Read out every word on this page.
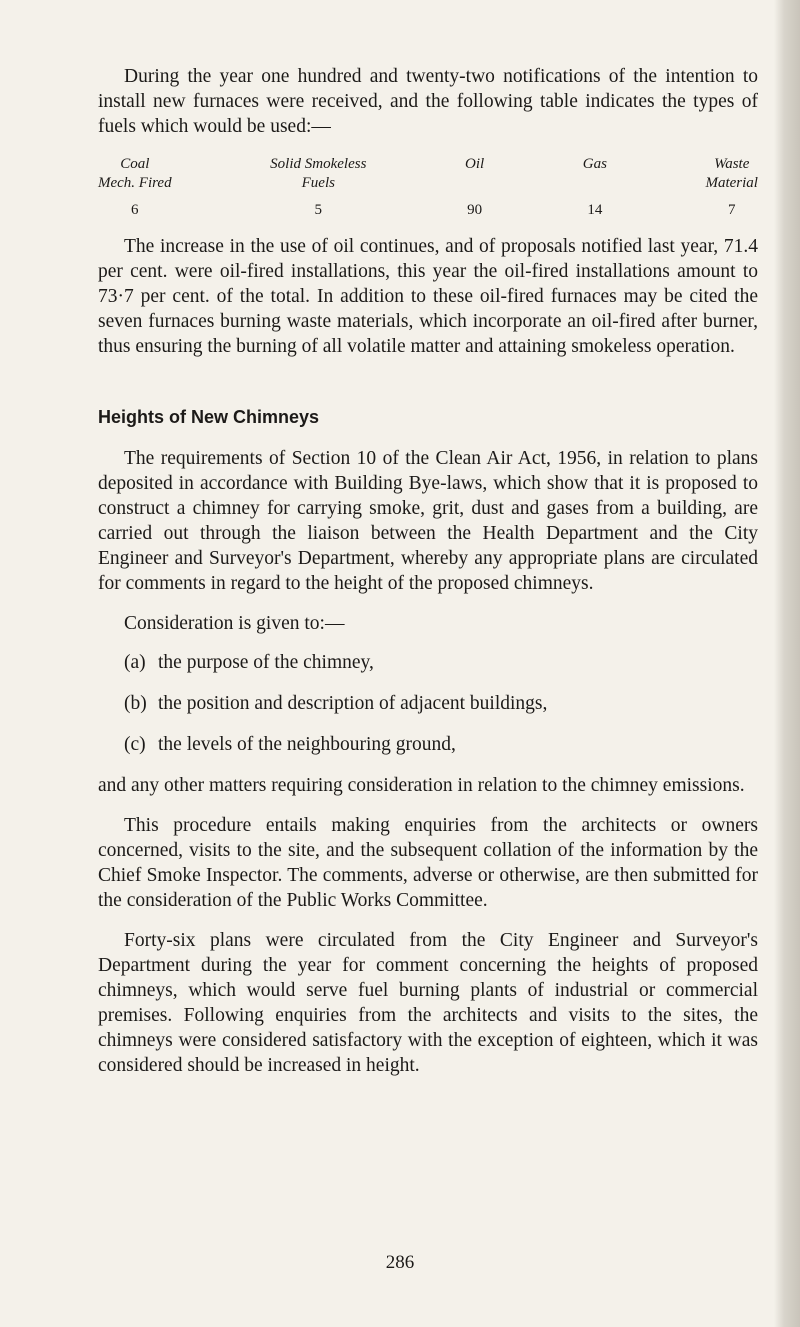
During the year one hundred and twenty-two notifications of the intention to install new furnaces were received, and the following table indicates the types of fuels which would be used:—

Coal
Mech. Fired
6
Solid Smokeless
Fuels
5
Oil
90
Gas
14
Waste
Material
7

The increase in the use of oil continues, and of proposals notified last year, 71.4 per cent. were oil-fired installations, this year the oil-fired installations amount to 73·7 per cent. of the total. In addition to these oil-fired furnaces may be cited the seven furnaces burning waste materials, which incorporate an oil-fired after burner, thus ensuring the burning of all volatile matter and attaining smokeless operation.

Heights of New Chimneys

The requirements of Section 10 of the Clean Air Act, 1956, in relation to plans deposited in accordance with Building Bye-laws, which show that it is proposed to construct a chimney for carrying smoke, grit, dust and gases from a building, are carried out through the liaison between the Health Department and the City Engineer and Surveyor's Department, whereby any appropriate plans are circulated for comments in regard to the height of the proposed chimneys.

Consideration is given to:—

(a) the purpose of the chimney,
(b) the position and description of adjacent buildings,
(c) the levels of the neighbouring ground,

and any other matters requiring consideration in relation to the chimney emissions.

This procedure entails making enquiries from the architects or owners concerned, visits to the site, and the subsequent collation of the information by the Chief Smoke Inspector. The comments, adverse or otherwise, are then submitted for the consideration of the Public Works Committee.

Forty-six plans were circulated from the City Engineer and Surveyor's Department during the year for comment concerning the heights of proposed chimneys, which would serve fuel burning plants of industrial or commercial premises. Following enquiries from the architects and visits to the sites, the chimneys were considered satisfactory with the exception of eighteen, which it was considered should be increased in height.

286
